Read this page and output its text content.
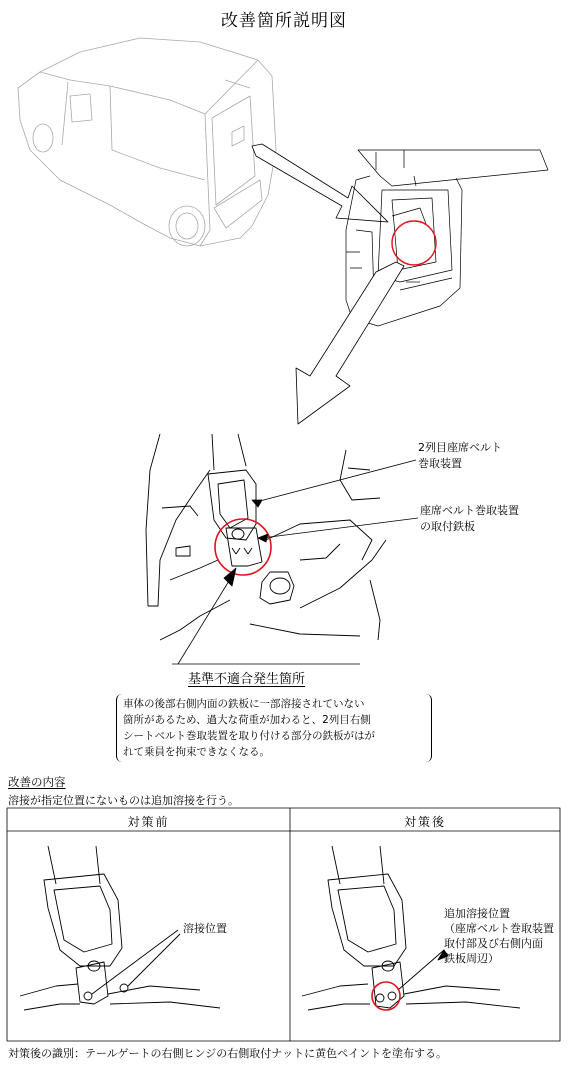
改善箇所説明図
2列目座席ベルト
巻取装置
座席ベルト巻取装置
の取付鉄板
基準不適合発生箇所
車体の後部右側内面の鉄板に一部溶接されていない
箇所があるため、過大な荷重が加わると、2列目右側
シートベルト巻取装置を取り付ける部分の鉄板がはが
れて乗員を拘束できなくなる。
改善の内容
溶接が指定位置にないものは追加溶接を行う。
対策前	対策後
溶接位置
追加溶接位置
（座席ベルト巻取装置
取付部及び右側内面
鉄板周辺）
対策後の識別：テールゲートの右側ヒンジの右側取付ナットに黄色ペイントを塗布する。
